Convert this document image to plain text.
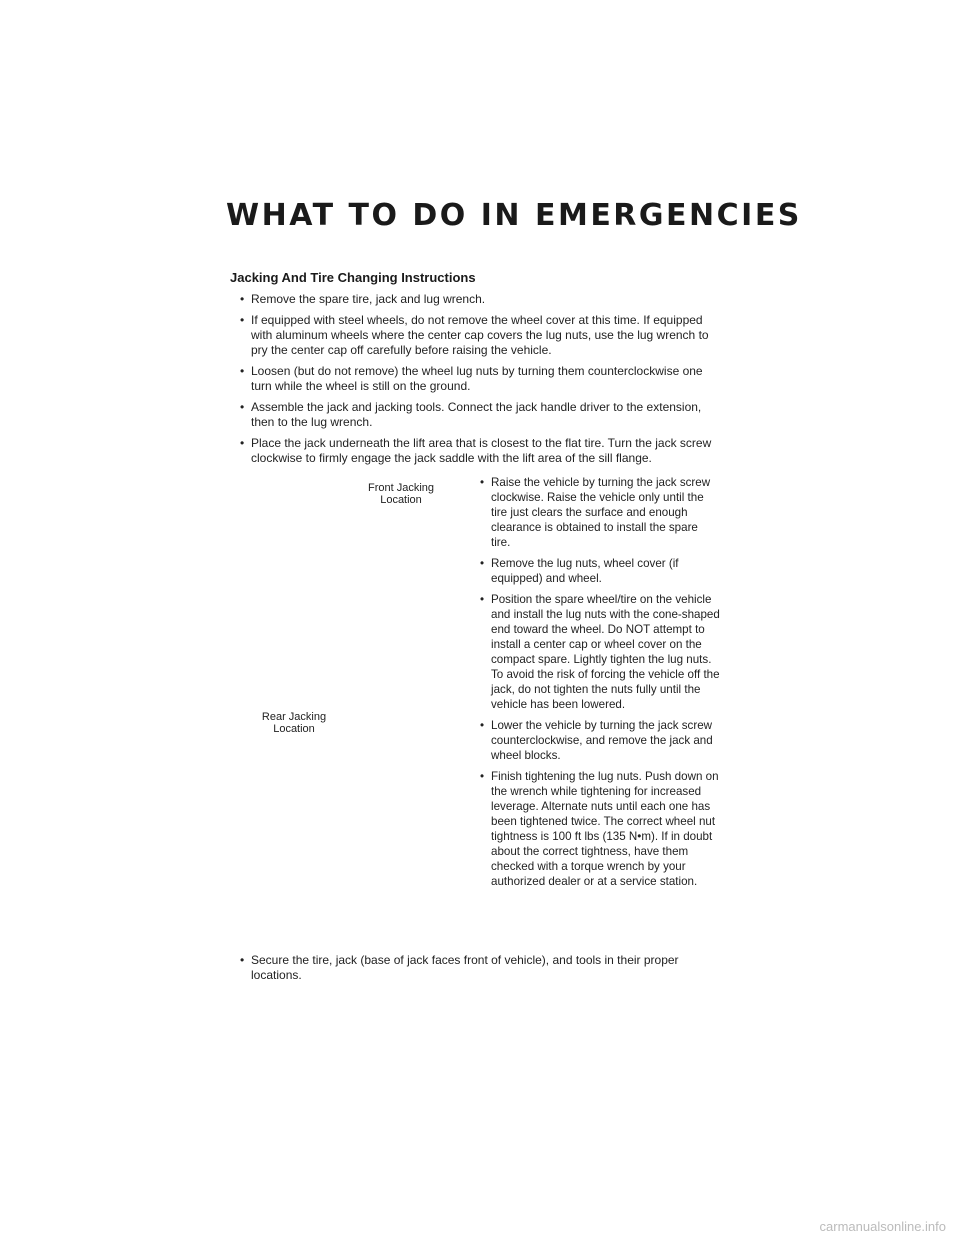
WHAT TO DO IN EMERGENCIES
Jacking And Tire Changing Instructions
• Remove the spare tire, jack and lug wrench.
• If equipped with steel wheels, do not remove the wheel cover at this time. If equipped with aluminum wheels where the center cap covers the lug nuts, use the lug wrench to pry the center cap off carefully before raising the vehicle.
• Loosen (but do not remove) the wheel lug nuts by turning them counterclockwise one turn while the wheel is still on the ground.
• Assemble the jack and jacking tools. Connect the jack handle driver to the extension, then to the lug wrench.
• Place the jack underneath the lift area that is closest to the flat tire. Turn the jack screw clockwise to firmly engage the jack saddle with the lift area of the sill flange.
Front Jacking Location
Rear Jacking Location
• Raise the vehicle by turning the jack screw clockwise. Raise the vehicle only until the tire just clears the surface and enough clearance is obtained to install the spare tire.
• Remove the lug nuts, wheel cover (if equipped) and wheel.
• Position the spare wheel/tire on the vehicle and install the lug nuts with the cone-shaped end toward the wheel. Do NOT attempt to install a center cap or wheel cover on the compact spare. Lightly tighten the lug nuts. To avoid the risk of forcing the vehicle off the jack, do not tighten the nuts fully until the vehicle has been lowered.
• Lower the vehicle by turning the jack screw counterclockwise, and remove the jack and wheel blocks.
• Finish tightening the lug nuts. Push down on the wrench while tightening for increased leverage. Alternate nuts until each one has been tightened twice. The correct wheel nut tightness is 100 ft lbs (135 N•m). If in doubt about the correct tightness, have them checked with a torque wrench by your authorized dealer or at a service station.
• Secure the tire, jack (base of jack faces front of vehicle), and tools in their proper locations.
carmanualsonline.info
